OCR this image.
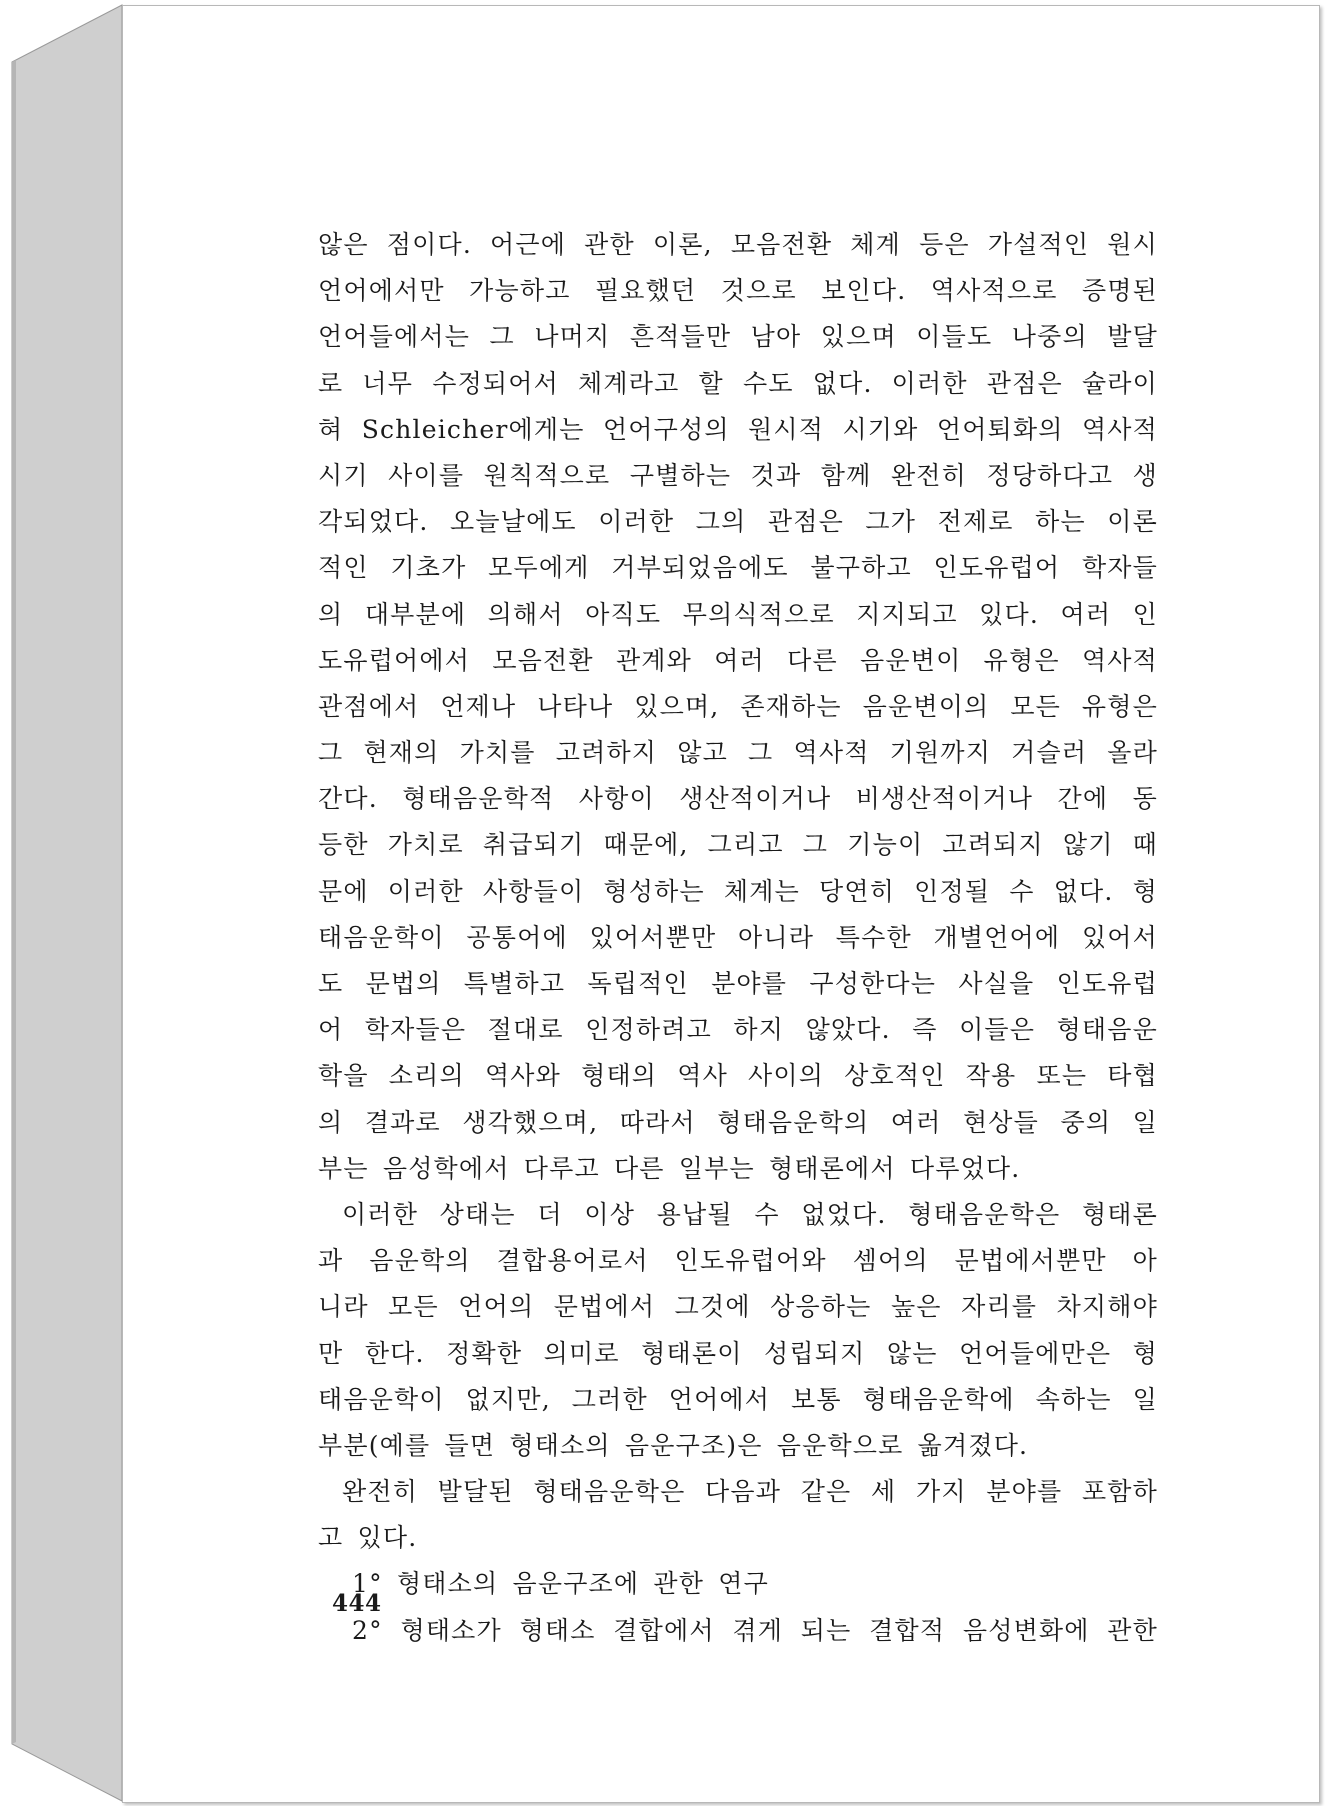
않은 점이다. 어근에 관한 이론, 모음전환 체계 등은 가설적인 원시
언어에서만 가능하고 필요했던 것으로 보인다. 역사적으로 증명된
언어들에서는 그 나머지 흔적들만 남아 있으며 이들도 나중의 발달
로 너무 수정되어서 체계라고 할 수도 없다. 이러한 관점은 슐라이
혀 Schleicher에게는 언어구성의 원시적 시기와 언어퇴화의 역사적
시기 사이를 원칙적으로 구별하는 것과 함께 완전히 정당하다고 생
각되었다. 오늘날에도 이러한 그의 관점은 그가 전제로 하는 이론
적인 기초가 모두에게 거부되었음에도 불구하고 인도유럽어 학자들
의 대부분에 의해서 아직도 무의식적으로 지지되고 있다. 여러 인
도유럽어에서 모음전환 관계와 여러 다른 음운변이 유형은 역사적
관점에서 언제나 나타나 있으며, 존재하는 음운변이의 모든 유형은
그 현재의 가치를 고려하지 않고 그 역사적 기원까지 거슬러 올라
간다. 형태음운학적 사항이 생산적이거나 비생산적이거나 간에 동
등한 가치로 취급되기 때문에, 그리고 그 기능이 고려되지 않기 때
문에 이러한 사항들이 형성하는 체계는 당연히 인정될 수 없다. 형
태음운학이 공통어에 있어서뿐만 아니라 특수한 개별언어에 있어서
도 문법의 특별하고 독립적인 분야를 구성한다는 사실을 인도유럽
어 학자들은 절대로 인정하려고 하지 않았다. 즉 이들은 형태음운
학을 소리의 역사와 형태의 역사 사이의 상호적인 작용 또는 타협
의 결과로 생각했으며, 따라서 형태음운학의 여러 현상들 중의 일
부는 음성학에서 다루고 다른 일부는 형태론에서 다루었다.
이러한 상태는 더 이상 용납될 수 없었다. 형태음운학은 형태론
과 음운학의 결합용어로서 인도유럽어와 셈어의 문법에서뿐만 아
니라 모든 언어의 문법에서 그것에 상응하는 높은 자리를 차지해야
만 한다. 정확한 의미로 형태론이 성립되지 않는 언어들에만은 형
태음운학이 없지만, 그러한 언어에서 보통 형태음운학에 속하는 일
부분(예를 들면 형태소의 음운구조)은 음운학으로 옮겨졌다.
완전히 발달된 형태음운학은 다음과 같은 세 가지 분야를 포함하
고 있다.
1° 형태소의 음운구조에 관한 연구
2° 형태소가 형태소 결합에서 겪게 되는 결합적 음성변화에 관한
444
